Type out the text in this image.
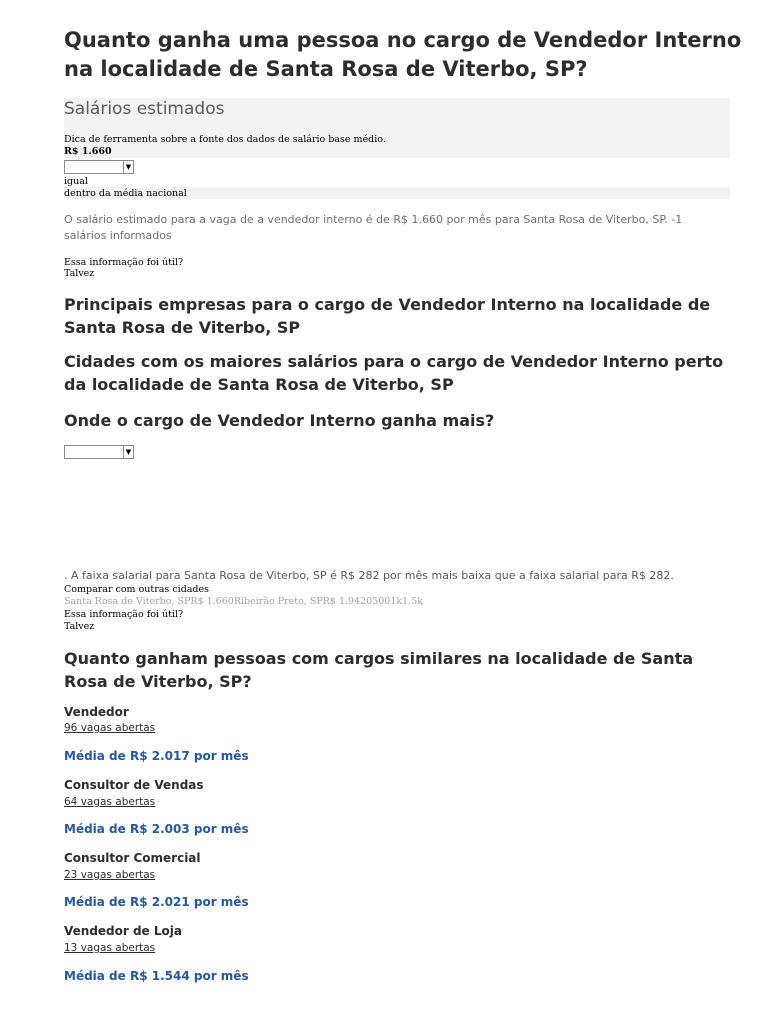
Quanto ganha uma pessoa no cargo de Vendedor Interno na localidade de Santa Rosa de Viterbo, SP?
Salários estimados
Dica de ferramenta sobre a fonte dos dados de salário base médio.
R$ 1.660
▼
igual
dentro da média nacional
O salário estimado para a vaga de a vendedor interno é de R$ 1.660 por mês para Santa Rosa de Viterbo, SP. -1 salários informados
Essa informação foi útil?
Talvez
Principais empresas para o cargo de Vendedor Interno na localidade de Santa Rosa de Viterbo, SP
Cidades com os maiores salários para o cargo de Vendedor Interno perto da localidade de Santa Rosa de Viterbo, SP
Onde o cargo de Vendedor Interno ganha mais?
▼
. A faixa salarial para Santa Rosa de Viterbo, SP é R$ 282 por mês mais baixa que a faixa salarial para R$ 282.
Comparar com outras cidades
Santa Rosa de Viterbo, SPR$ 1.660Ribeirão Preto, SPR$ 1.94205001k1.5k
Essa informação foi útil?
Talvez
Quanto ganham pessoas com cargos similares na localidade de Santa Rosa de Viterbo, SP?
Vendedor
96 vagas abertas
Média de R$ 2.017 por mês
Consultor de Vendas
64 vagas abertas
Média de R$ 2.003 por mês
Consultor Comercial
23 vagas abertas
Média de R$ 2.021 por mês
Vendedor de Loja
13 vagas abertas
Média de R$ 1.544 por mês
